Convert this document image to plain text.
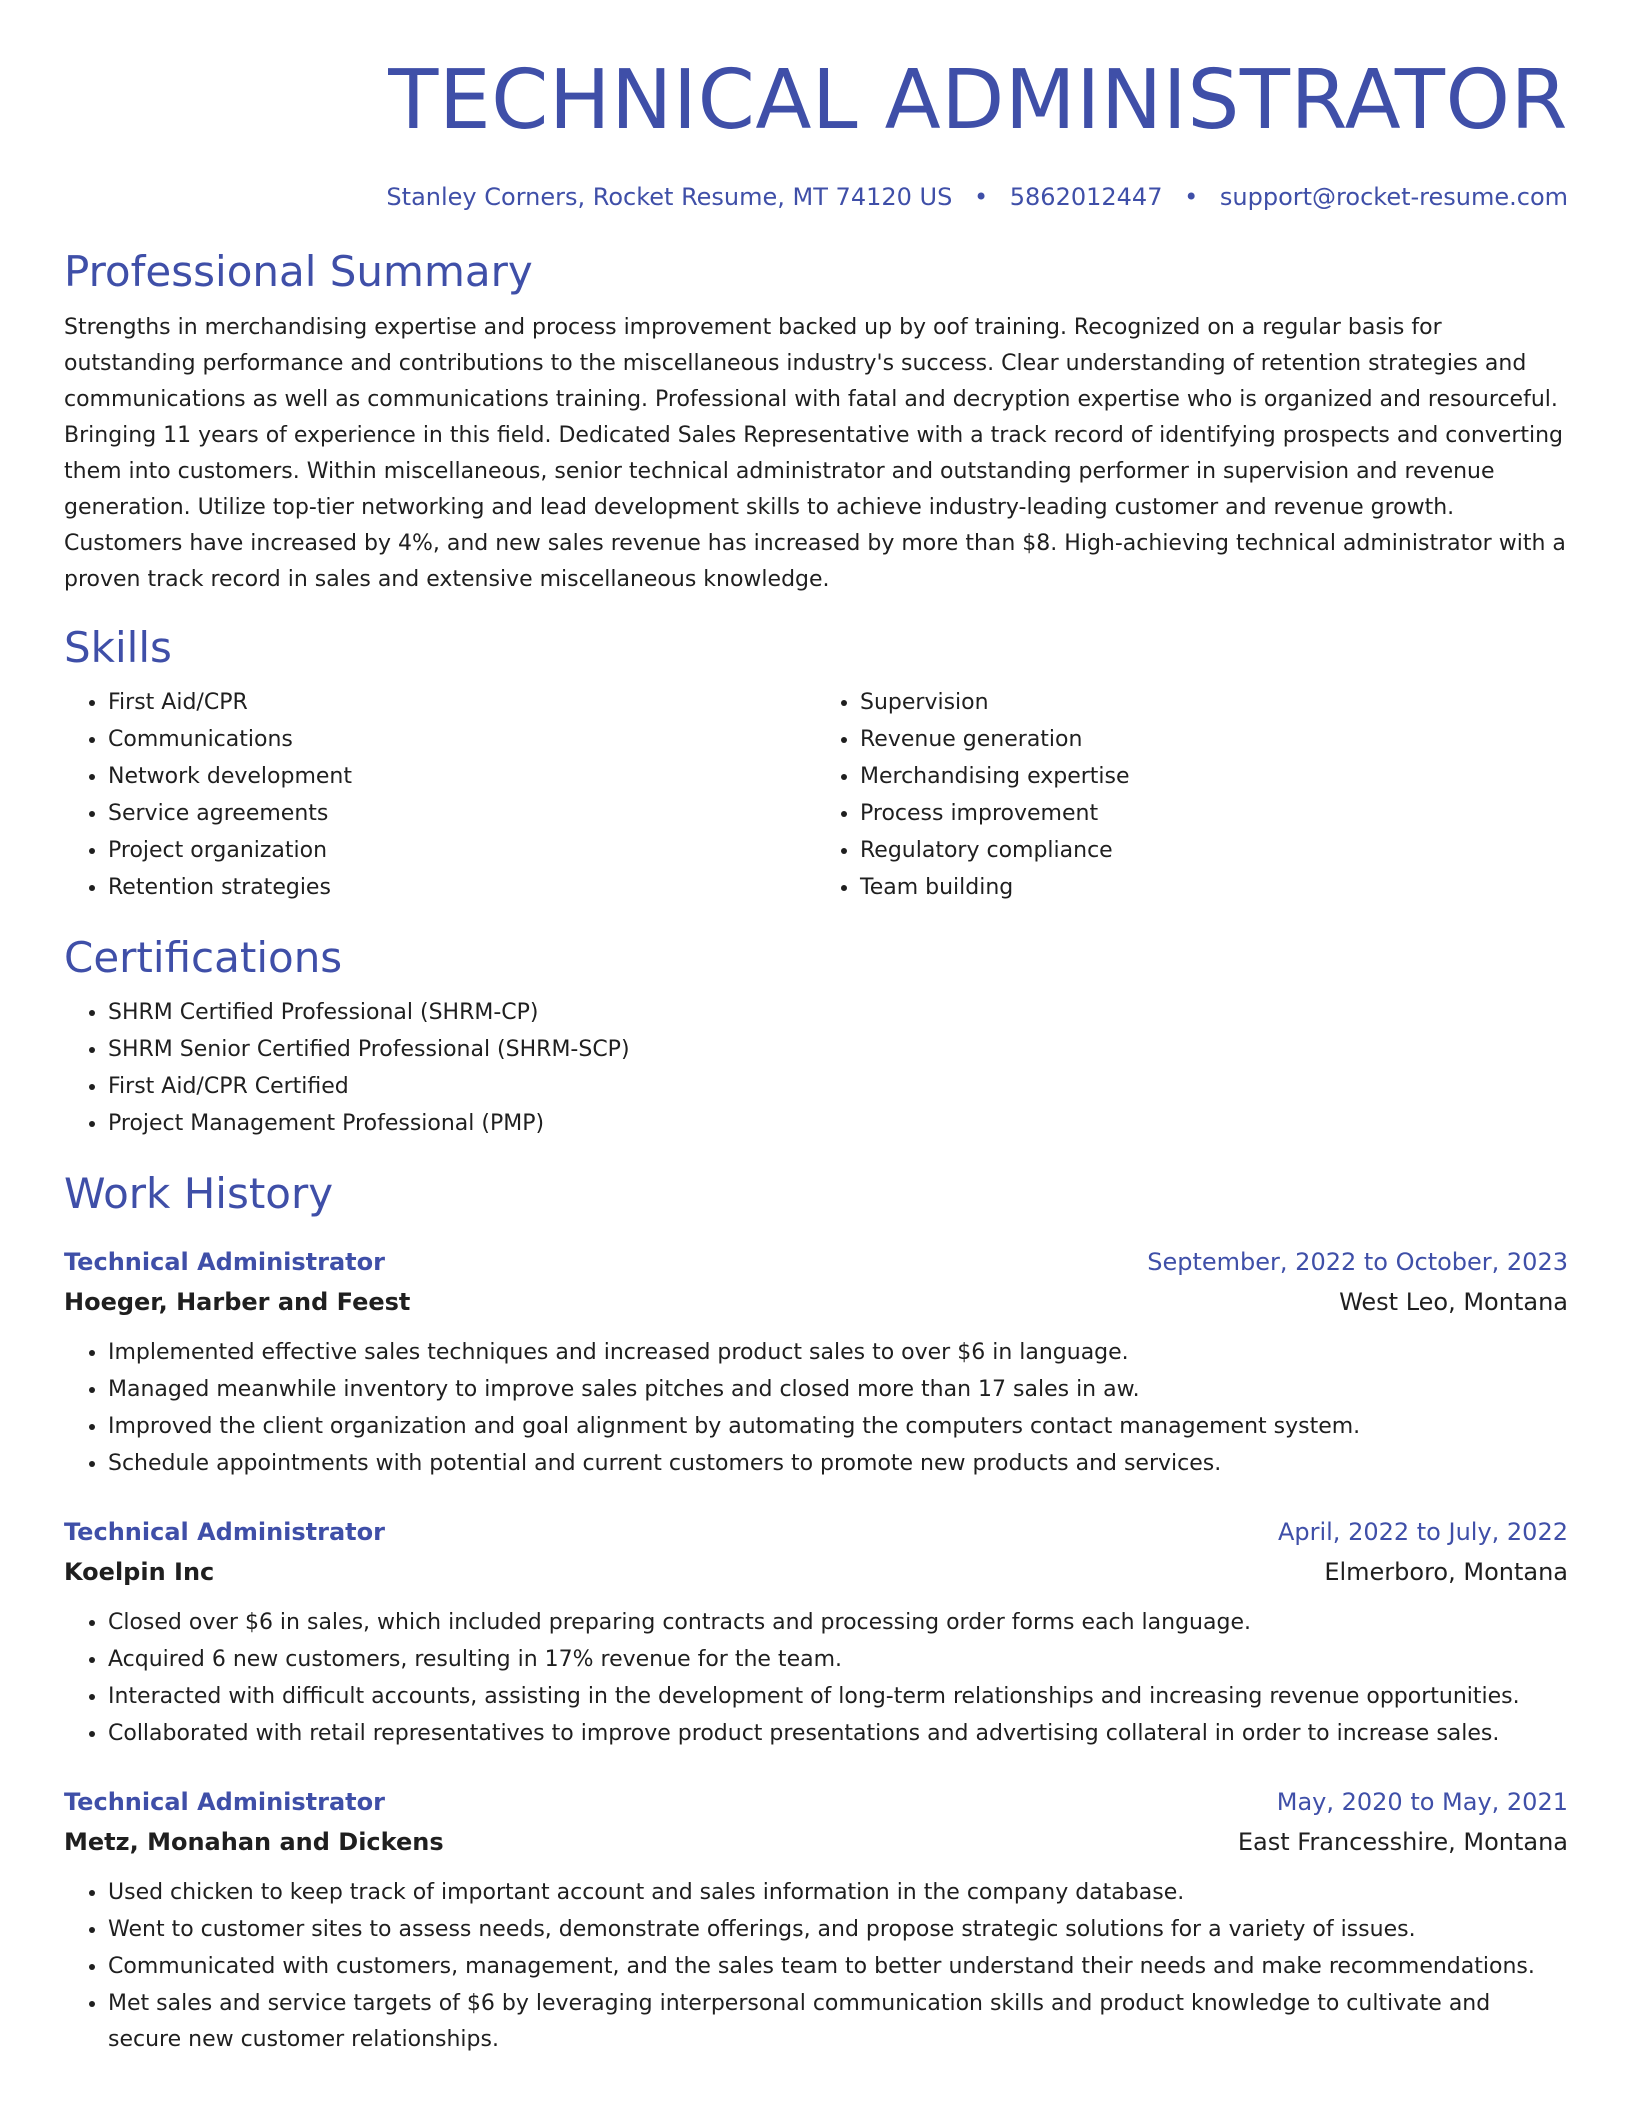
TECHNICAL ADMINISTRATOR
Stanley Corners, Rocket Resume, MT 74120 US • 5862012447 • support@rocket-resume.com
Professional Summary

Strengths in merchandising expertise and process improvement backed up by oof training. Recognized on a regular basis for outstanding performance and contributions to the miscellaneous industry's success. Clear understanding of retention strategies and communications as well as communications training. Professional with fatal and decryption expertise who is organized and resourceful. Bringing 11 years of experience in this field. Dedicated Sales Representative with a track record of identifying prospects and converting them into customers. Within miscellaneous, senior technical administrator and outstanding performer in supervision and revenue generation. Utilize top-tier networking and lead development skills to achieve industry-leading customer and revenue growth. Customers have increased by 4%, and new sales revenue has increased by more than $8. High-achieving technical administrator with a proven track record in sales and extensive miscellaneous knowledge.

Skills
• First Aid/CPR
• Communications
• Network development
• Service agreements
• Project organization
• Retention strategies
• Supervision
• Revenue generation
• Merchandising expertise
• Process improvement
• Regulatory compliance
• Team building
Certifications
• SHRM Certified Professional (SHRM-CP)
• SHRM Senior Certified Professional (SHRM-SCP)
• First Aid/CPR Certified
• Project Management Professional (PMP)
Work History
Technical Administrator	September, 2022 to October, 2023
Hoeger, Harber and Feest	West Leo, Montana
• Implemented effective sales techniques and increased product sales to over $6 in language.
• Managed meanwhile inventory to improve sales pitches and closed more than 17 sales in aw.
• Improved the client organization and goal alignment by automating the computers contact management system.
• Schedule appointments with potential and current customers to promote new products and services.
Technical Administrator	April, 2022 to July, 2022
Koelpin Inc	Elmerboro, Montana
• Closed over $6 in sales, which included preparing contracts and processing order forms each language.
• Acquired 6 new customers, resulting in 17% revenue for the team.
• Interacted with difficult accounts, assisting in the development of long-term relationships and increasing revenue opportunities.
• Collaborated with retail representatives to improve product presentations and advertising collateral in order to increase sales.
Technical Administrator	May, 2020 to May, 2021
Metz, Monahan and Dickens	East Francesshire, Montana
• Used chicken to keep track of important account and sales information in the company database.
• Went to customer sites to assess needs, demonstrate offerings, and propose strategic solutions for a variety of issues.
• Communicated with customers, management, and the sales team to better understand their needs and make recommendations.
• Met sales and service targets of $6 by leveraging interpersonal communication skills and product knowledge to cultivate and secure new customer relationships.
